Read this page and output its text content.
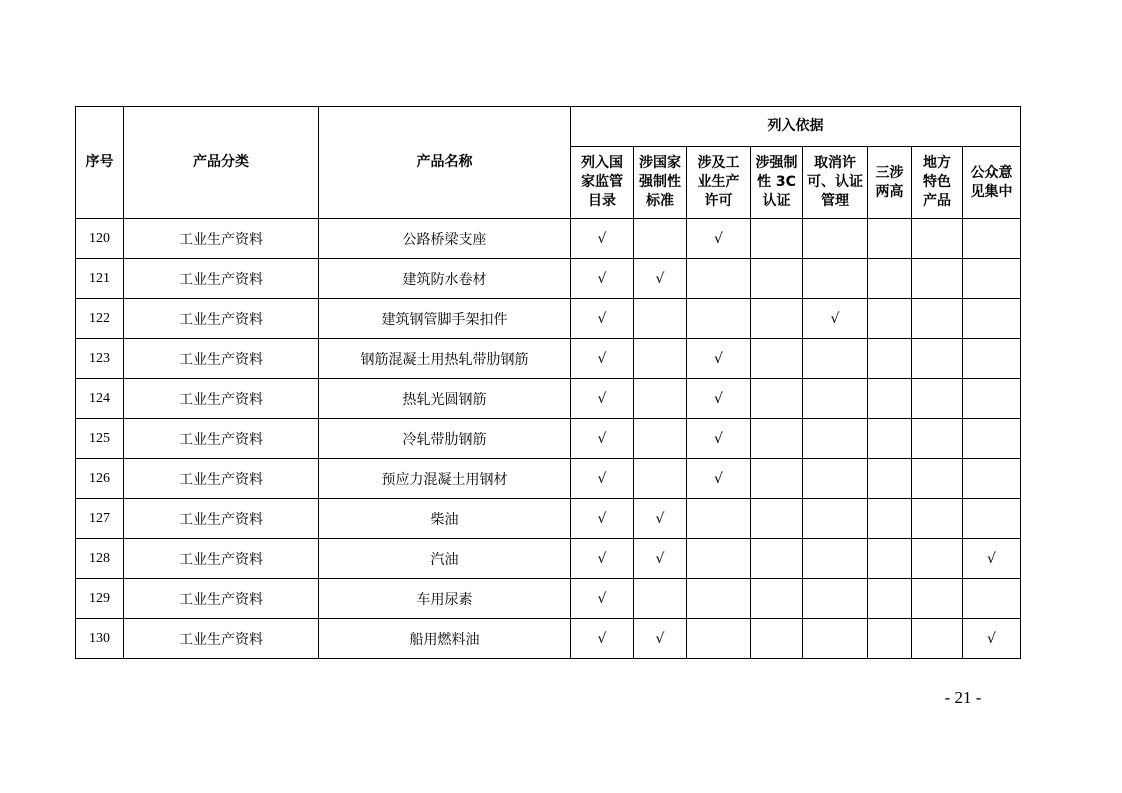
序号	产品分类	产品名称	列入依据							
			列入国
家监管
目录	涉国家
强制性
标准	涉及工
业生产
许可	涉强制
性 3C
认证	取消许
可、认证
管理	三涉
两高	地方
特色
产品	公众意
见集中
120	工业生产资料	公路桥梁支座	√		√					
121	工业生产资料	建筑防水卷材	√	√						
122	工业生产资料	建筑钢管脚手架扣件	√				√			
123	工业生产资料	钢筋混凝土用热轧带肋钢筋	√		√					
124	工业生产资料	热轧光圆钢筋	√		√					
125	工业生产资料	冷轧带肋钢筋	√		√					
126	工业生产资料	预应力混凝土用钢材	√		√					
127	工业生产资料	柴油	√	√						
128	工业生产资料	汽油	√	√						√
129	工业生产资料	车用尿素	√							
130	工业生产资料	船用燃料油	√	√						√
- 21 -
